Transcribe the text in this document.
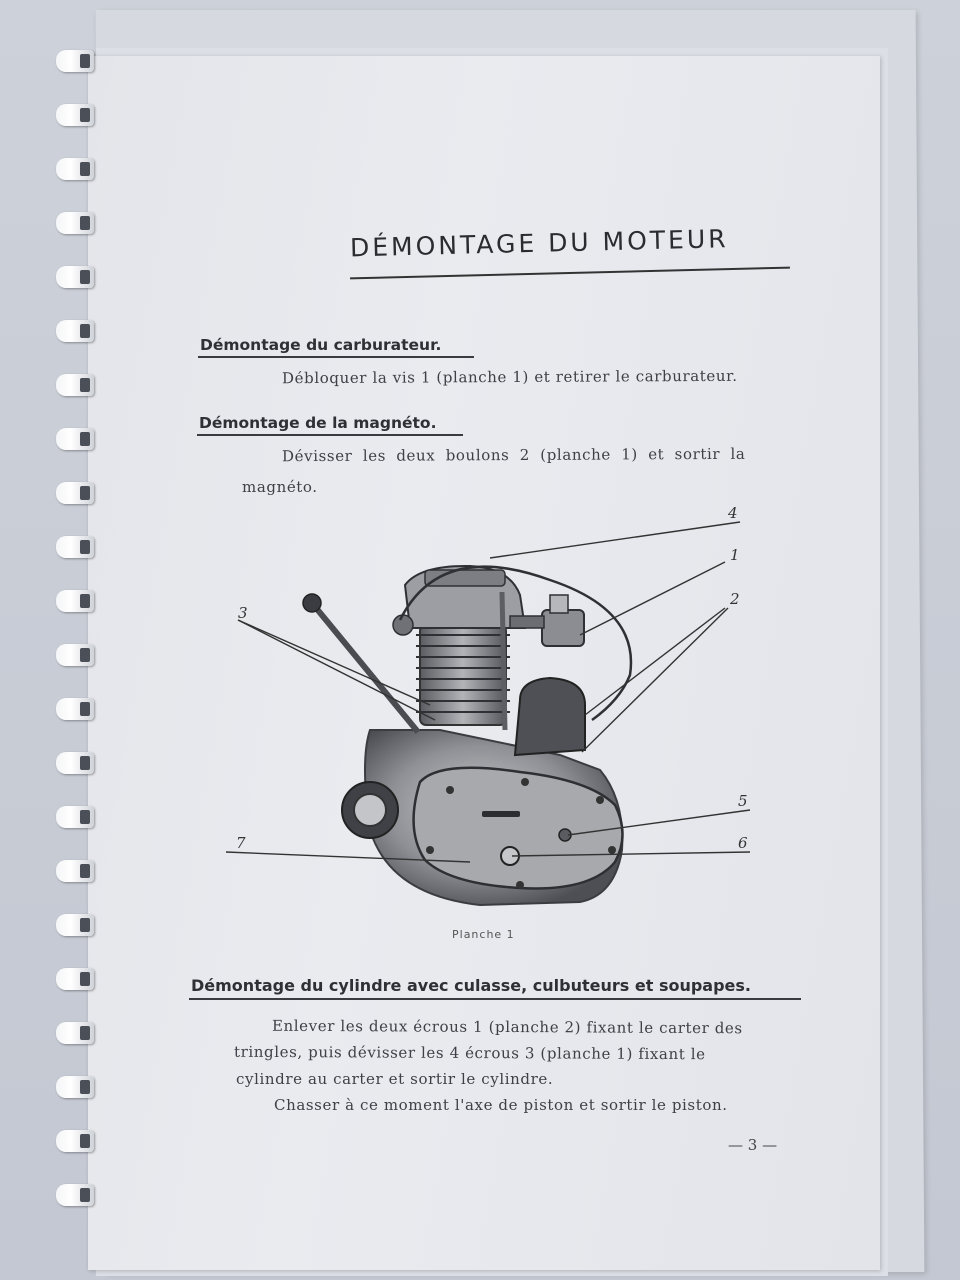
DÉMONTAGE DU MOTEUR
Démontage du carburateur.
Débloquer la vis 1 (planche 1) et retirer le carburateur.
Démontage de la magnéto.
Dévisser les deux boulons 2 (planche 1) et sortir la
magnéto.
4
1
2
3
5
6
7
Planche 1
Démontage du cylindre avec culasse, culbuteurs et soupapes.
Enlever les deux écrous 1 (planche 2) fixant le carter des
tringles, puis dévisser les 4 écrous 3 (planche 1) fixant le
cylindre au carter et sortir le cylindre.
Chasser à ce moment l'axe de piston et sortir le piston.
— 3 —
